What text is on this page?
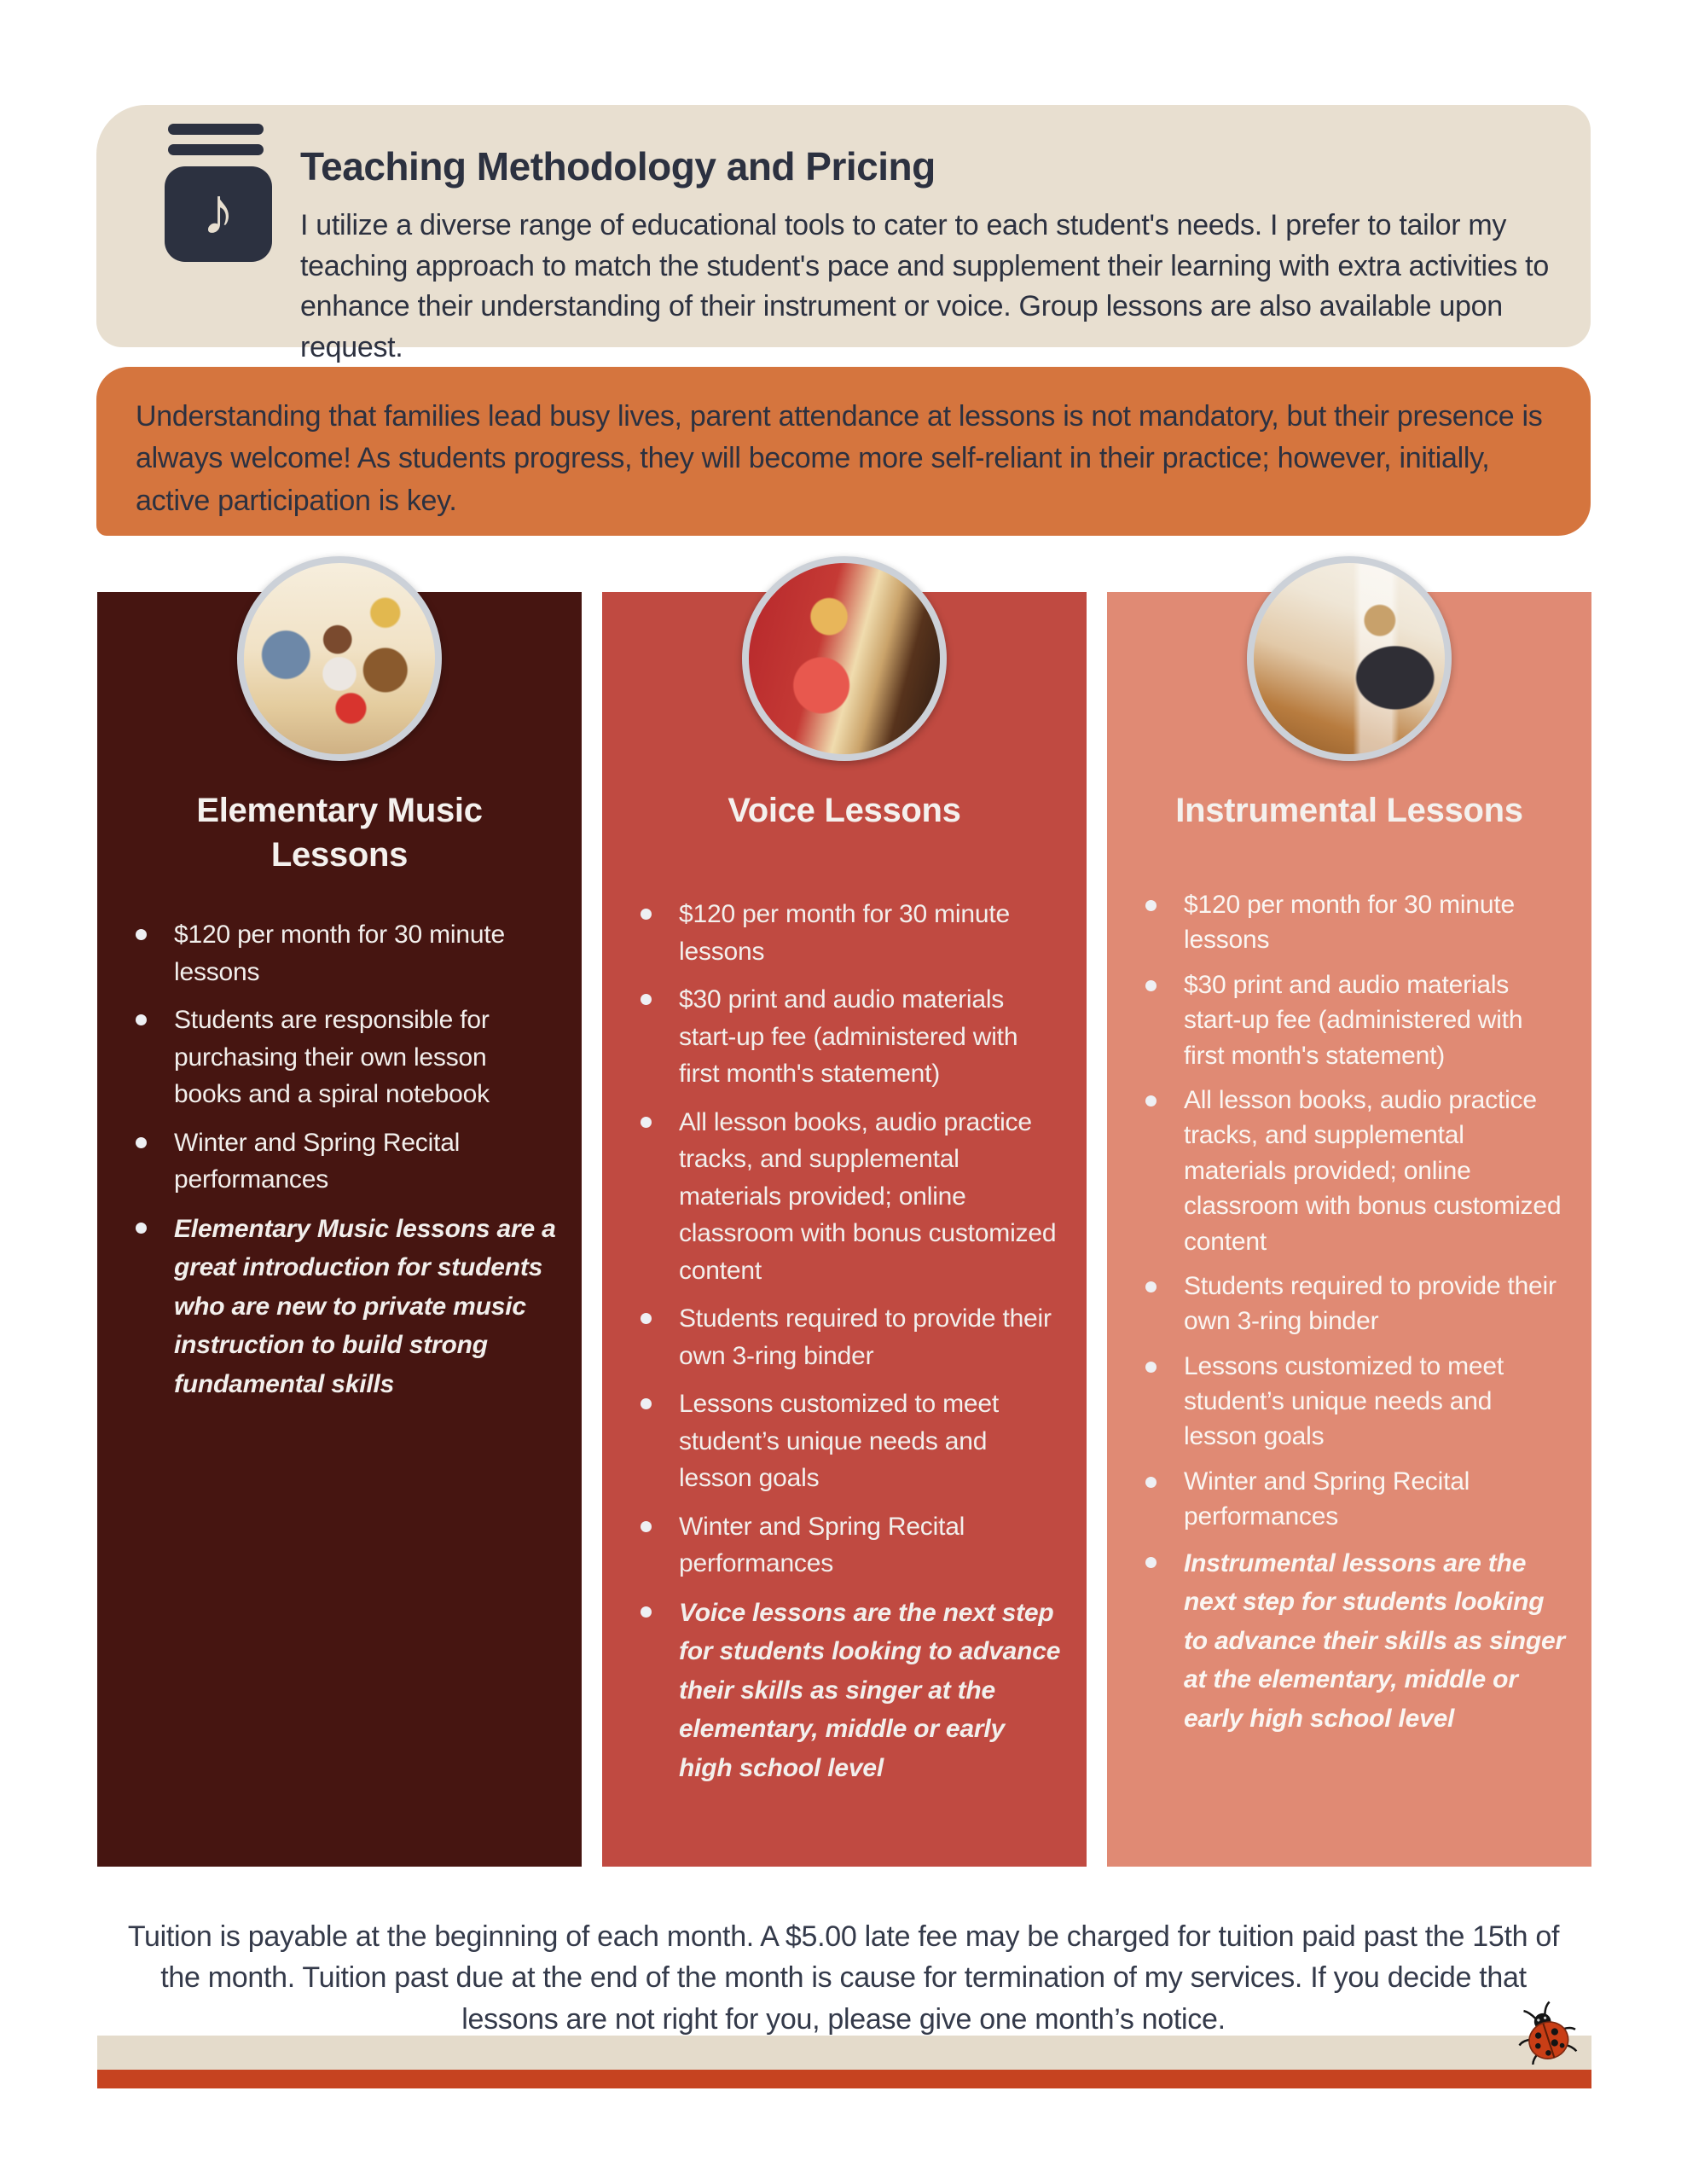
♪
Teaching Methodology and Pricing

I utilize a diverse range of educational tools to cater to each student's needs. I prefer to tailor my teaching approach to match the student's pace and supplement their learning with extra activities to enhance their understanding of their instrument or voice. Group lessons are also available upon request.

Understanding that families lead busy lives, parent attendance at lessons is not mandatory, but their presence is always welcome! As students progress, they will become more self-reliant in their practice; however, initially, active participation is key.

Elementary Music Lessons
$120 per month for 30 minute lessons
Students are responsible for purchasing their own lesson books and a spiral notebook
Winter and Spring Recital performances
Elementary Music lessons are a great introduction for students who are new to private music instruction to build strong fundamental skills
Voice Lessons
$120 per month for 30 minute lessons
$30 print and audio materials start-up fee (administered with first month's statement)
All lesson books, audio practice tracks, and supplemental materials provided; online classroom with bonus customized content
Students required to provide their own 3-ring binder
Lessons customized to meet student’s unique needs and lesson goals
Winter and Spring Recital performances
Voice lessons are the next step for students looking to advance their skills as singer at the elementary, middle or early high school level
Instrumental Lessons
$120 per month for 30 minute lessons
$30 print and audio materials start-up fee (administered with first month's statement)
All lesson books, audio practice tracks, and supplemental materials provided; online classroom with bonus customized content
Students required to provide their own 3-ring binder
Lessons customized to meet student’s unique needs and lesson goals
Winter and Spring Recital performances
Instrumental lessons are the next step for students looking to advance their skills as singer at the elementary, middle or early high school level

Tuition is payable at the beginning of each month. A $5.00 late fee may be charged for tuition paid past the 15th of the month. Tuition past due at the end of the month is cause for termination of my services. If you decide that lessons are not right for you, please give one month’s notice.
